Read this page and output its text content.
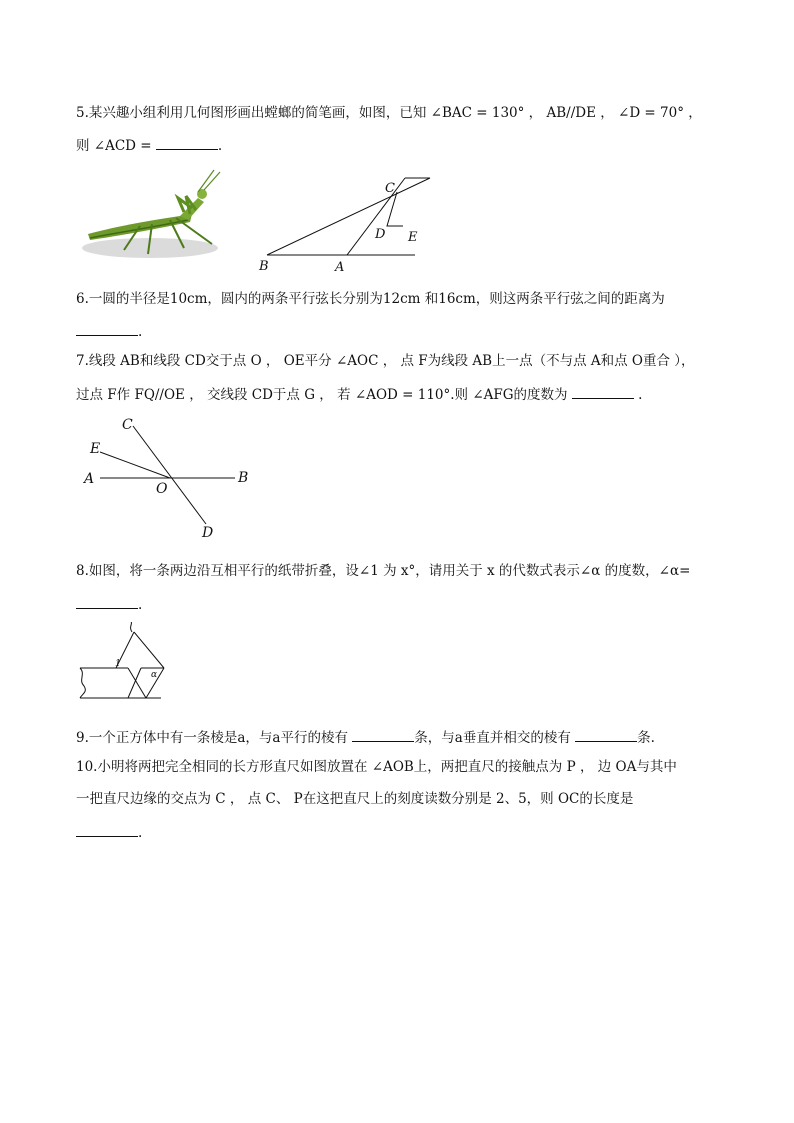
5.某兴趣小组利用几何图形画出螳螂的简笔画，如图，已知 ∠BAC = 130° ， AB//DE ， ∠D = 70° ，
则 ∠ACD =	.
C
D E
B	A
6.一圆的半径是10cm，圆内的两条平行弦长分别为12cm 和16cm，则这两条平行弦之间的距离为
.
7.线段 AB和线段 CD交于点 O ， OE平分 ∠AOC ， 点 F为线段 AB上一点（不与点 A和点 O重合 ），
过点 F作 FQ//OE ， 交线段 CD于点 G ， 若 ∠AOD = 110°.则 ∠AFG的度数为	.
C
E
A
O
B
D
8.如图，将一条两边沿互相平行的纸带折叠，设∠1 为 x°，请用关于 x 的代数式表示∠α 的度数，∠α=
.
1
α
9.一个正方体中有一条棱是a，与a平行的棱有	条，与a垂直并相交的棱有	条.
10.小明将两把完全相同的长方形直尺如图放置在 ∠AOB上，两把直尺的接触点为 P ， 边 OA与其中
一把直尺边缘的交点为 C ， 点 C、 P在这把直尺上的刻度读数分别是 2、5，则 OC的长度是
.
